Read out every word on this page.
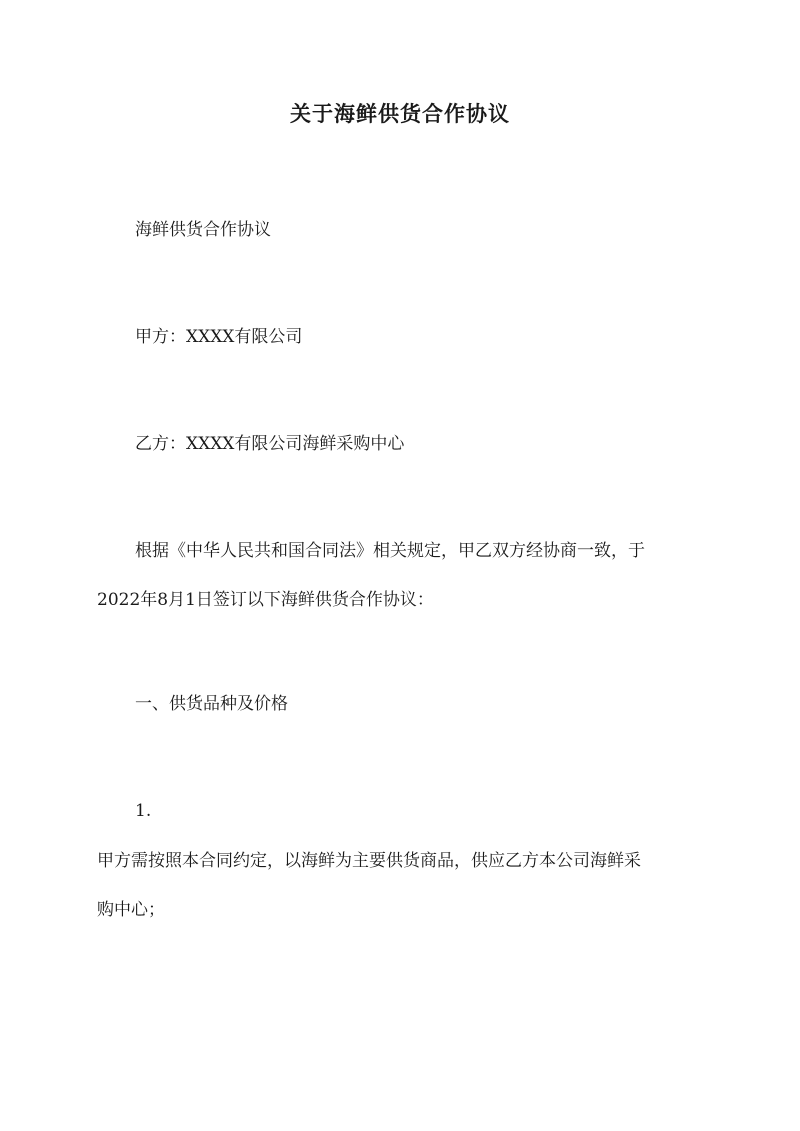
关于海鲜供货合作协议

海鲜供货合作协议

甲方：XXXX有限公司

乙方：XXXX有限公司海鲜采购中心

根据《中华人民共和国合同法》相关规定，甲乙双方经协商一致，于

2022年8月1日签订以下海鲜供货合作协议：

一、供货品种及价格

1.

甲方需按照本合同约定，以海鲜为主要供货商品，供应乙方本公司海鲜采

购中心；
